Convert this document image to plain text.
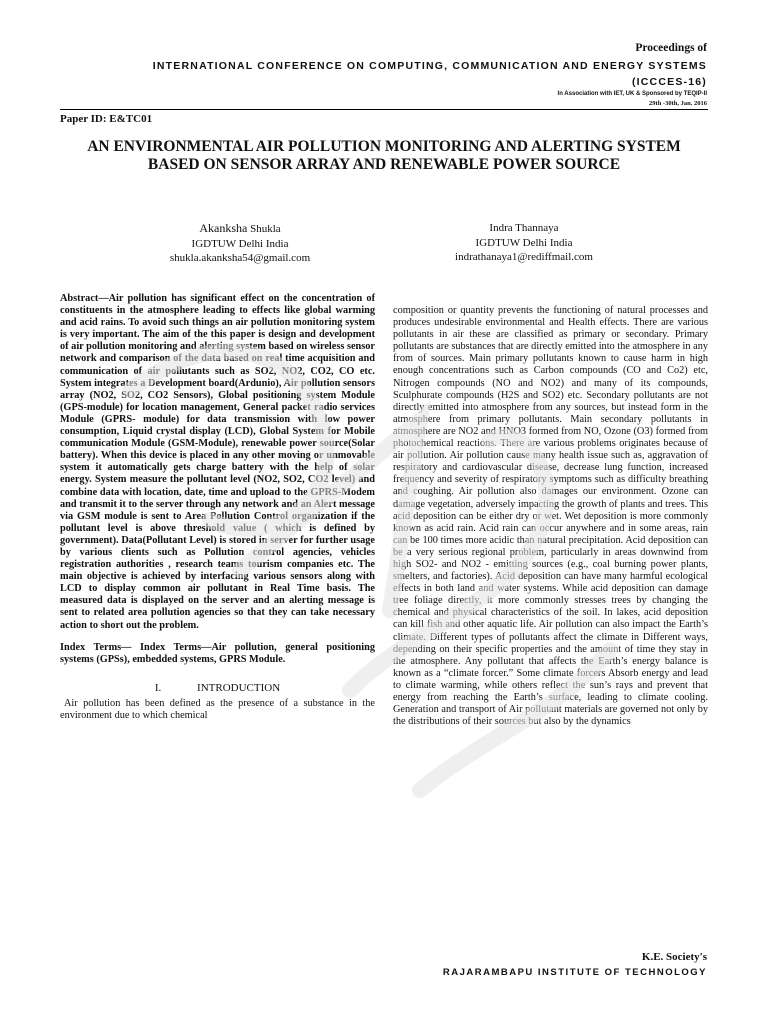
Proceedings of
INTERNATIONAL CONFERENCE ON COMPUTING, COMMUNICATION AND ENERGY SYSTEMS
(ICCCES-16)
In Association with IET, UK & Sponsored by TEQIP-II
29th -30th, Jan. 2016
Paper ID: E&TC01
AN ENVIRONMENTAL AIR POLLUTION MONITORING AND ALERTING SYSTEM BASED ON SENSOR ARRAY AND RENEWABLE POWER SOURCE
Akanksha Shukla
IGDTUW Delhi India
shukla.akanksha54@gmail.com
Indra Thannaya
IGDTUW Delhi India
indrathanaya1@rediffmail.com

Abstract—Air pollution has significant effect on the concentration of constituents in the atmosphere leading to effects like global warming and acid rains. To avoid such things an air pollution monitoring system is very important. The aim of the this paper is design and development of air pollution monitoring and alerting system based on wireless sensor network and comparison of the data based on real time acquisition and communication of air pollutants such as SO2, NO2, CO2, CO etc. System integrates a Development board(Ardunio), Air pollution sensors array (NO2, SO2, CO2 Sensors), Global positioning system Module (GPS-module) for location management, General packet radio services Module (GPRS- module) for data transmission with low power consumption, Liquid crystal display (LCD), Global System for Mobile communication Module (GSM-Module), renewable power source(Solar battery). When this device is placed in any other moving or unmovable system it automatically gets charge battery with the help of solar energy. System measure the pollutant level (NO2, SO2, CO2 level) and combine data with location, date, time and upload to the GPRS-Modem and transmit it to the server through any network and an Alert message via GSM module is sent to Area Pollution Control organization if the pollutant level is above threshold value ( which is defined by government). Data(Pollutant Level) is stored in server for further usage by various clients such as Pollution control agencies, vehicles registration authorities , research teams tourism companies etc. The main objective is achieved by interfacing various sensors along with LCD to display common air pollutant in Real Time basis. The measured data is displayed on the server and an alerting message is sent to related area pollution agencies so that they can take necessary action to short out the problem.

Index Terms— Index Terms—Air pollution, general positioning systems (GPSs), embedded systems, GPRS Module.

I.	INTRODUCTION

Air pollution has been defined as the presence of a substance in the environment due to which chemical

composition or quantity prevents the functioning of natural processes and produces undesirable environmental and Health effects. There are various pollutants in air these are classified as primary or secondary. Primary pollutants are substances that are directly emitted into the atmosphere in any from of sources. Main primary pollutants known to cause harm in high enough concentrations such as Carbon compounds (CO and Co2) etc, Nitrogen compounds (NO and NO2) and many of its compounds, Sculphurate compounds (H2S and SO2) etc. Secondary pollutants are not directly emitted into atmosphere from any sources, but instead form in the atmosphere from primary pollutants. Main secondary pollutants in atmosphere are NO2 and HNO3 formed from NO, Ozone (O3) formed from photochemical reactions. There are various problems originates because of air pollution. Air pollution cause many health issue such as, aggravation of respiratory and cardiovascular disease, decrease lung function, increased frequency and severity of respiratory symptoms such as difficulty breathing and coughing. Air pollution also damages our environment. Ozone can damage vegetation, adversely impacting the growth of plants and trees. This acid deposition can be either dry or wet. Wet deposition is more commonly known as acid rain. Acid rain can occur anywhere and in some areas, rain can be 100 times more acidic than natural precipitation. Acid deposition can be a very serious regional problem, particularly in areas downwind from high SO2- and NO2 - emitting sources (e.g., coal burning power plants, smelters, and factories). Acid deposition can have many harmful ecological effects in both land and water systems. While acid deposition can damage tree foliage directly, it more commonly stresses trees by changing the chemical and physical characteristics of the soil. In lakes, acid deposition can kill fish and other aquatic life. Air pollution can also impact the Earth’s climate. Different types of pollutants affect the climate in Different ways, depending on their specific properties and the amount of time they stay in the atmosphere. Any pollutant that affects the Earth’s energy balance is known as a “climate forcer.” Some climate forcers Absorb energy and lead to climate warming, while others reflect the sun’s rays and prevent that energy from reaching the Earth’s surface, leading to climate cooling. Generation and transport of Air pollutant materials are governed not only by the distributions of their sources but also by the dynamics

K.E. Society's
RAJARAMBAPU INSTITUTE OF TECHNOLOGY
